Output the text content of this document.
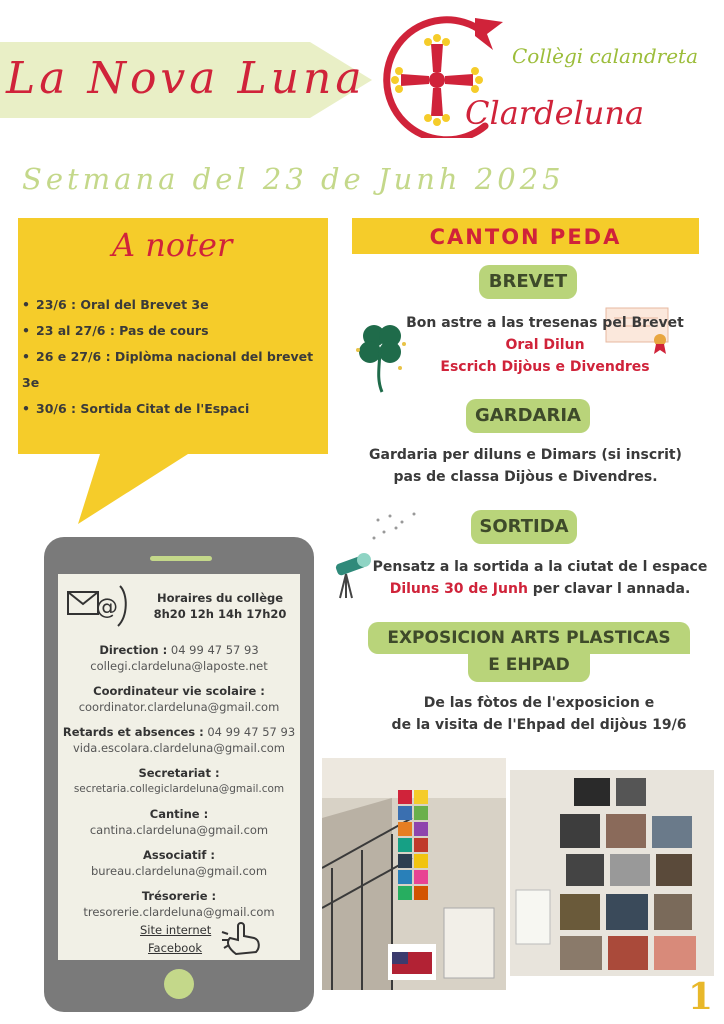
La Nova Luna	Collègi calandreta
Clardeluna
Setmana del 23 de Junh 2025
A noter
• 23/6 : Oral del Brevet 3e
• 23 al 27/6 : Pas de cours
• 26 e 27/6 : Diplòma nacional del brevet 3e
• 30/6 : Sortida Citat de l'Espaci
@	Horaires du collège
8h20 12h 14h 17h20
Direction : 04 99 47 57 93
collegi.clardeluna@laposte.net
Coordinateur vie scolaire :
coordinator.clardeluna@gmail.com
Retards et absences : 04 99 47 57 93
vida.escolara.clardeluna@gmail.com
Secretariat :
secretaria.collegiclardeluna@gmail.com
Cantine :
cantina.clardeluna@gmail.com
Associatif :
bureau.clardeluna@gmail.com
Trésorerie :
tresorerie.clardeluna@gmail.com
Site internet
Facebook
CANTON PEDA
BREVET
Bon astre a las tresenas pel Brevet
Oral Dilun
Escrich Dijòus e Divendres
GARDARIA
Gardaria per diluns e Dimars (si inscrit)
pas de classa Dijòus e Divendres.
SORTIDA
Pensatz a la sortida a la ciutat de l espace
Diluns 30 de Junh per clavar l annada.
EXPOSICION ARTS PLASTICAS
E EHPAD
De las fòtos de l'exposicion e
de la visita de l'Ehpad del dijòus 19/6
1
